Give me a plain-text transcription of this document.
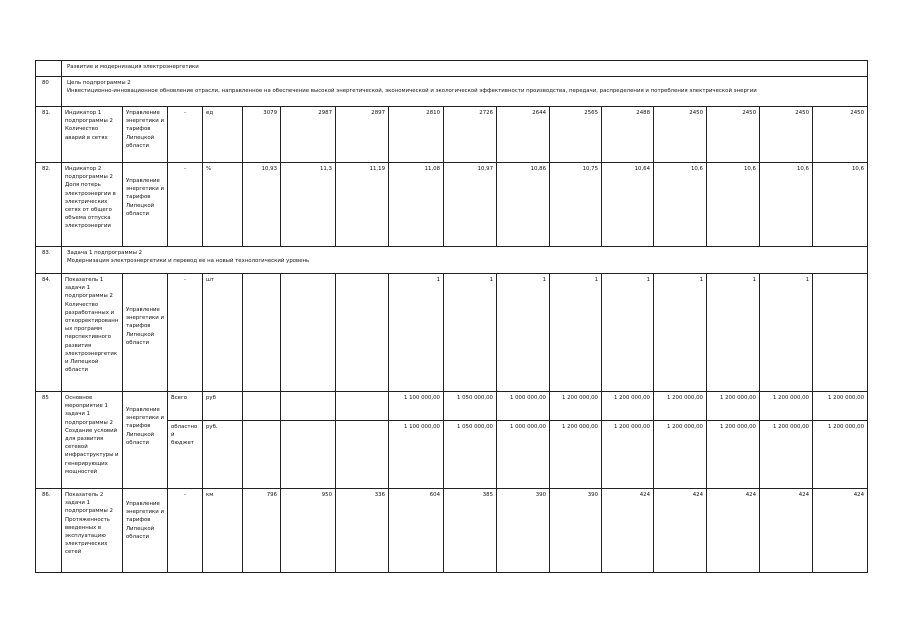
	Развитие и модернизация электроэнергетики															
80	Цель подпрограммы 2
Инвестиционно-инновационное обновление отрасли, направленное на обеспечение высокой энергетической, экономической и экологической эффективности производства, передачи, распределения и потребления электрической энергии															

81.	Индикатор 1 подпрограммы 2 Количество аварий в сетях	Управление энергетики и тарифов Липецкой области	-	ед	3079	2987	2897	2810	2726	2644	2565	2488	2450	2450	2450	2450
82.	Индикатор 2 подпрограммы 2 Доля потерь электроэнергии в электрических сетях от общего объема отпуска электроэнергии	Управление энергетики и тарифов Липецкой области	-	%	10,93	11,3	11,19	11,08	10,97	10,86	10,75	10,64	10,6	10,6	10,6	10,6
83.	Задача 1 подпрограммы 2
Модернизация электроэнергетики и перевод ее на новый технологический уровень															

84.	Показатель 1 задачи 1 подпрограммы 2 Количество разработанных и откорректированных программ перспективного развития электроэнергетики Липецкой области	Управление энергетики и тарифов Липецкой области	-	шт				1	1	1	1	1	1	1	1	
85	Основное мероприятие 1 задачи 1 подпрограммы 2 Создание условий для развития сетевой инфраструктуры и генерирующих мощностей	Управление энергетики и тарифов Липецкой области	Всего	руб				1 100 000,00	1 050 000,00	1 000 000,00	1 200 000,00	1 200 000,00	1 200 000,00	1 200 000,00	1 200 000,00	1 200 000,00
			областной бюджет	руб.				1 100 000,00	1 050 000,00	1 000 000,00	1 200 000,00	1 200 000,00	1 200 000,00	1 200 000,00	1 200 000,00	1 200 000,00
86.	Показатель 2 задачи 1 подпрограммы 2 Протяженность введенных в эксплуатацию электрических сетей	Управление энергетики и тарифов Липецкой области	-	км	796	950	336	604	385	390	390	424	424	424	424	424
